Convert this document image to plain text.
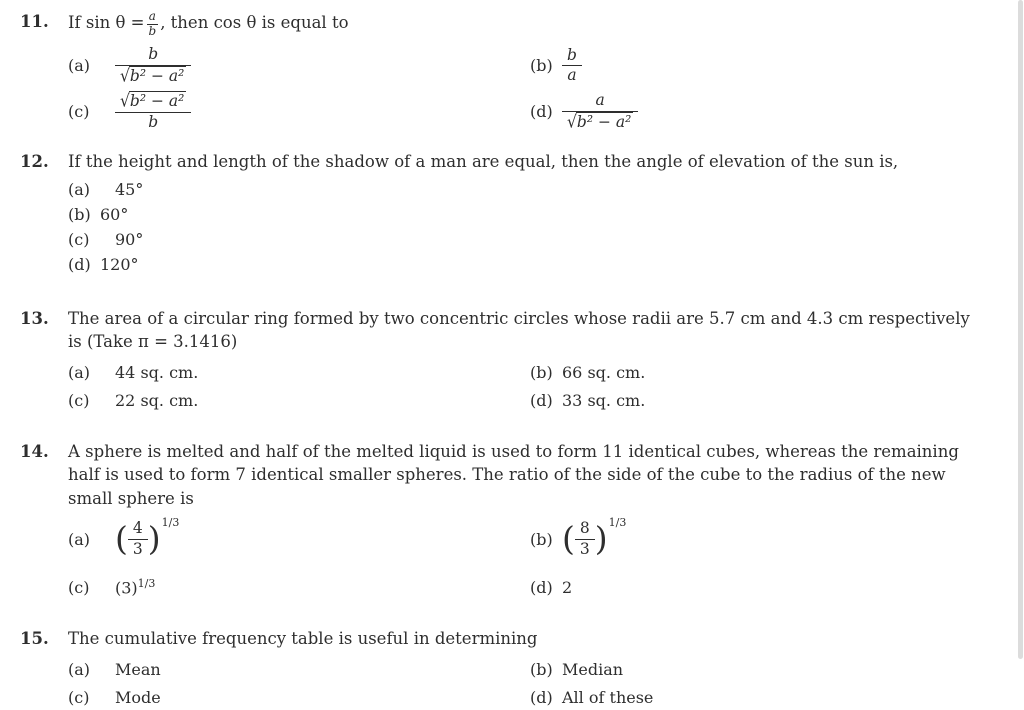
11.	If $\sin \theta = \frac{a}{b}$ , then cos θ is equal to
(a)	$\frac{b}{\text{√b² − a²}}$	$(b) \frac{b}{a}$
(c)	$\frac{\text{√b² − a²}}{b}$	$(d) \frac{a}{\text{√b² − a²}}$
12.	If the height and length of the shadow of a man are equal, then the angle of elevation of the sun is,
(a)	45°
(b) 60°
(c)	90°
(d) 120°
13.	The area of a circular ring formed by two concentric circles whose radii are 5.7 cm and 4.3 cm respectively is (Take π = 3.1416)
(a)	44 sq. cm.	(b) 66 sq. cm.
(c)	22 sq. cm.	(d) 33 sq. cm.
14.	A sphere is melted and half of the melted liquid is used to form 11 identical cubes, whereas the remaining half is used to form 7 identical smaller spheres. The ratio of the side of the cube to the radius of the new small sphere is
(a) ( $\frac{4}{3}$ ) 1/3
(b) ( $\frac{8}{3}$ ) 1/3
(c)	$(3)^{1/3}$	(d) 2
15.	The cumulative frequency table is useful in determining
(a)	Mean	(b) Median
(c)	Mode	(d) All of these
